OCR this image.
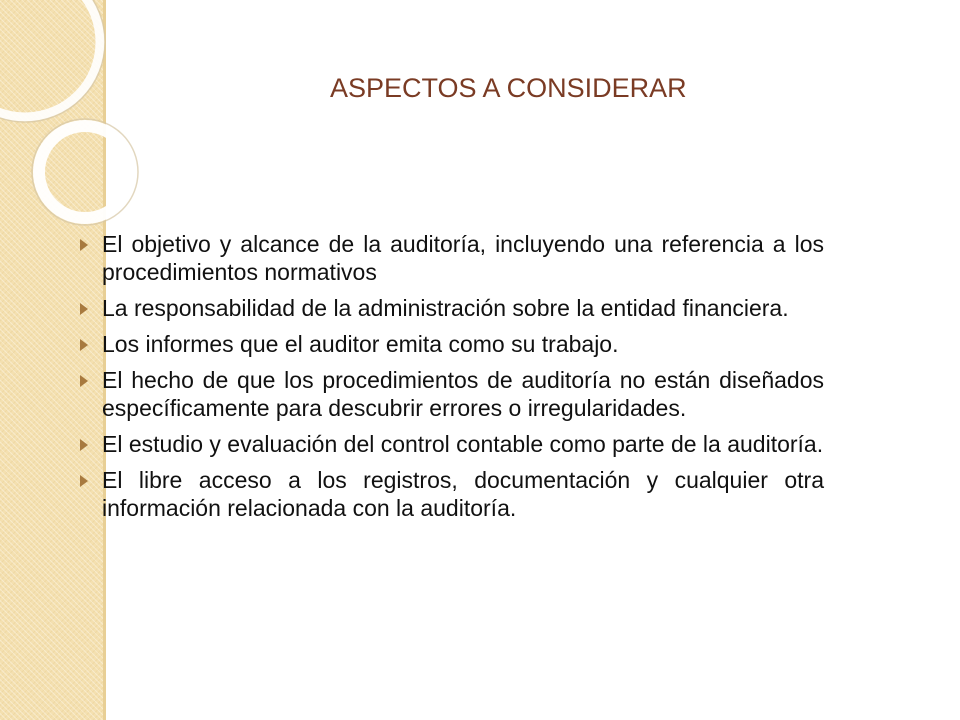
ASPECTOS A CONSIDERAR
El objetivo y alcance de la auditoría, incluyendo una referencia a los procedimientos normativos
La responsabilidad de la administración sobre la entidad financiera.
Los informes que el auditor emita como su trabajo.
El hecho de que los procedimientos de auditoría no están diseñados específicamente para descubrir errores o irregularidades.
El estudio y evaluación del control contable como parte de la auditoría.
El libre acceso a los registros, documentación y cualquier otra información relacionada con la auditoría.
